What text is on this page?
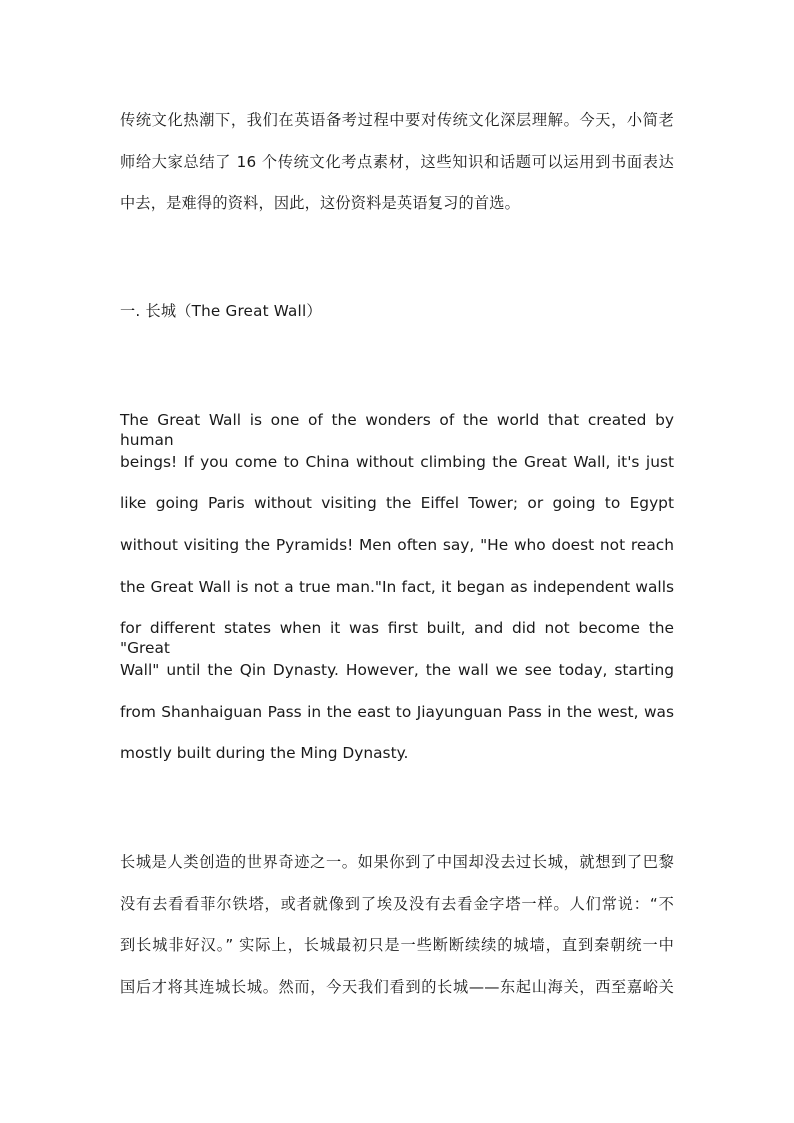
传统文化热潮下，我们在英语备考过程中要对传统文化深层理解。今天，小简老
师给大家总结了 16 个传统文化考点素材，这些知识和话题可以运用到书面表达
中去，是难得的资料，因此，这份资料是英语复习的首选。
一. 长城（The Great Wall）
The Great Wall is one of the wonders of the world that created by human
beings! If you come to China without climbing the Great Wall, it's just
like going Paris without visiting the Eiffel Tower; or going to Egypt
without visiting the Pyramids! Men often say, "He who doest not reach
the Great Wall is not a true man."In fact, it began as independent walls
for different states when it was first built, and did not become the "Great
Wall" until the Qin Dynasty. However, the wall we see today, starting
from Shanhaiguan Pass in the east to Jiayunguan Pass in the west, was
mostly built during the Ming Dynasty.
长城是人类创造的世界奇迹之一。如果你到了中国却没去过长城，就想到了巴黎
没有去看看菲尔铁塔，或者就像到了埃及没有去看金字塔一样。人们常说：“不
到长城非好汉。” 实际上，长城最初只是一些断断续续的城墙，直到秦朝统一中
国后才将其连城长城。然而，今天我们看到的长城——东起山海关，西至嘉峪关
